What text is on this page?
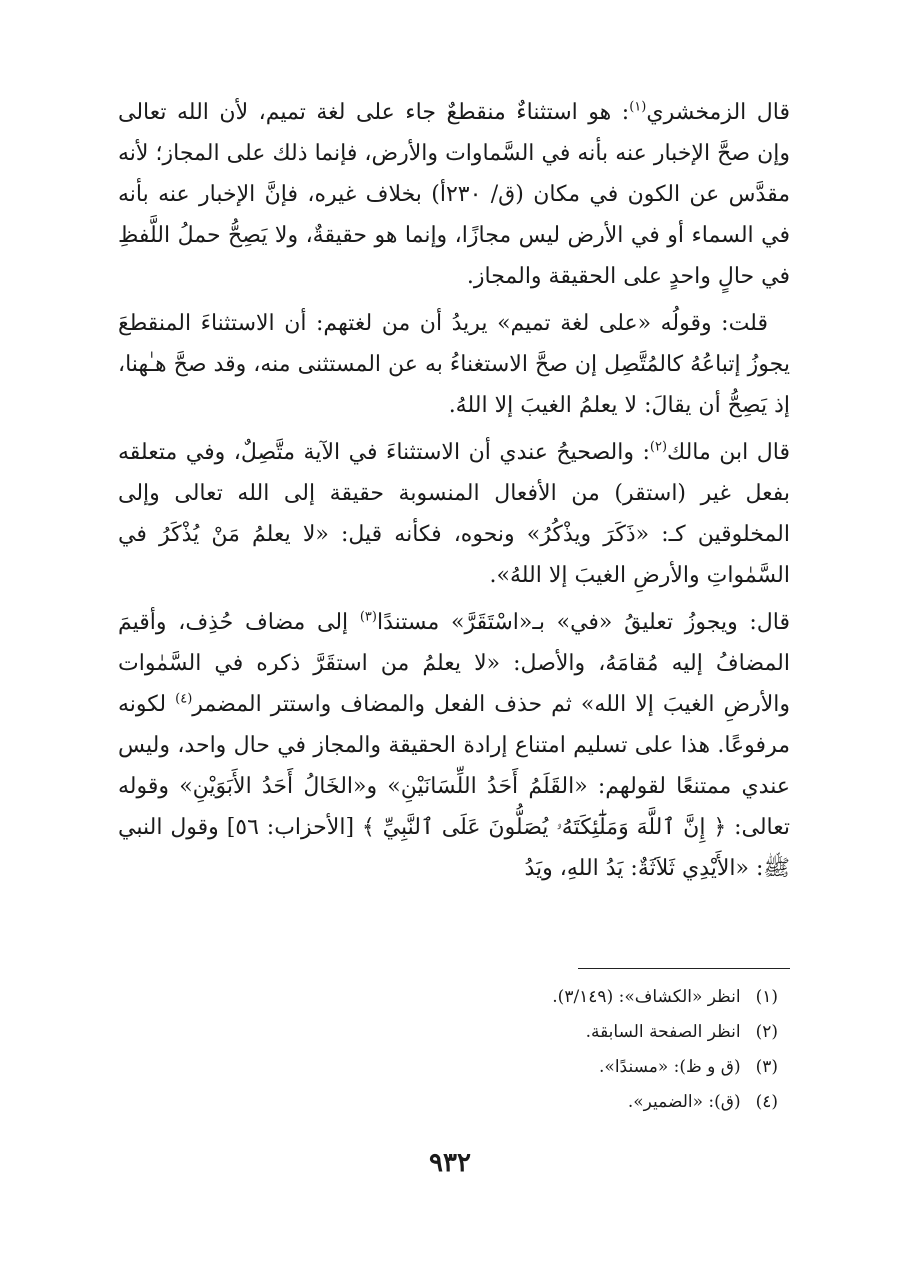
قال الزمخشري$^{(١)}$: هو استثناءٌ منقطعٌ جاء على لغة تميم، لأن الله تعالى وإن صحَّ الإخبار عنه بأنه في السَّماوات والأرض، فإنما ذلك على المجاز؛ لأنه مقدَّس عن الكون في مكان (ق/ ٢٣٠أ) بخلاف غيره، فإنَّ الإخبار عنه بأنه في السماء أو في الأرض ليس مجازًا، وإنما هو حقيقةٌ، ولا يَصِحُّ حملُ اللَّفظِ في حالٍ واحدٍ على الحقيقة والمجاز.

قلت: وقولُه «على لغة تميم» يريدُ أن من لغتهم: أن الاستثناءَ المنقطعَ يجوزُ إتباعُهُ كالمُتَّصِل إن صحَّ الاستغناءُ به عن المستثنى منه، وقد صحَّ هـٰهنا، إذ يَصِحُّ أن يقالَ: لا يعلمُ الغيبَ إلا اللهُ.

قال ابن مالك$^{(٢)}$: والصحيحُ عندي أن الاستثناءَ في الآية متَّصِلٌ، وفي متعلقه بفعل غير (استقر) من الأفعال المنسوبة حقيقة إلى الله تعالى وإلى المخلوقين كـ: «ذَكَرَ ويذْكُرُ» ونحوه، فكأنه قيل: «لا يعلمُ مَنْ يُذْكَرُ في السَّمٰواتِ والأرضِ الغيبَ إلا اللهُ».

قال: ويجوزُ تعليقُ «في» بـ«اسْتَقَرَّ» مستندًا$^{(٣)}$ إلى مضاف حُذِف، وأقيمَ المضافُ إليه مُقامَهُ، والأصل: «لا يعلمُ من استقَرَّ ذكره في السَّمٰوات والأرضِ الغيبَ إلا الله» ثم حذف الفعل والمضاف واستتر المضمر$^{(٤)}$ لكونه مرفوعًا. هذا على تسليم امتناع إرادة الحقيقة والمجاز في حال واحد، وليس عندي ممتنعًا لقولهم: «القَلَمُ أَحَدُ اللِّسَانَيْنِ» و«الخَالُ أَحَدُ الأَبَوَيْنِ» وقوله تعالى: ﴿ إِنَّ ٱللَّهَ وَمَلَٰٓئِكَتَهُۥ يُصَلُّونَ عَلَى ٱلنَّبِيِّ ﴾ [الأحزاب: ٥٦] وقول النبي ﷺ: «الأَيْدِي ثَلاَثَةٌ: يَدُ اللهِ، ويَدُ

(١) انظر «الكشاف»: (٣/١٤٩).
(٢) انظر الصفحة السابقة.
(٣) (ق و ظ): «مسندًا».
(٤) (ق): «الضمير».
٩٣٢
